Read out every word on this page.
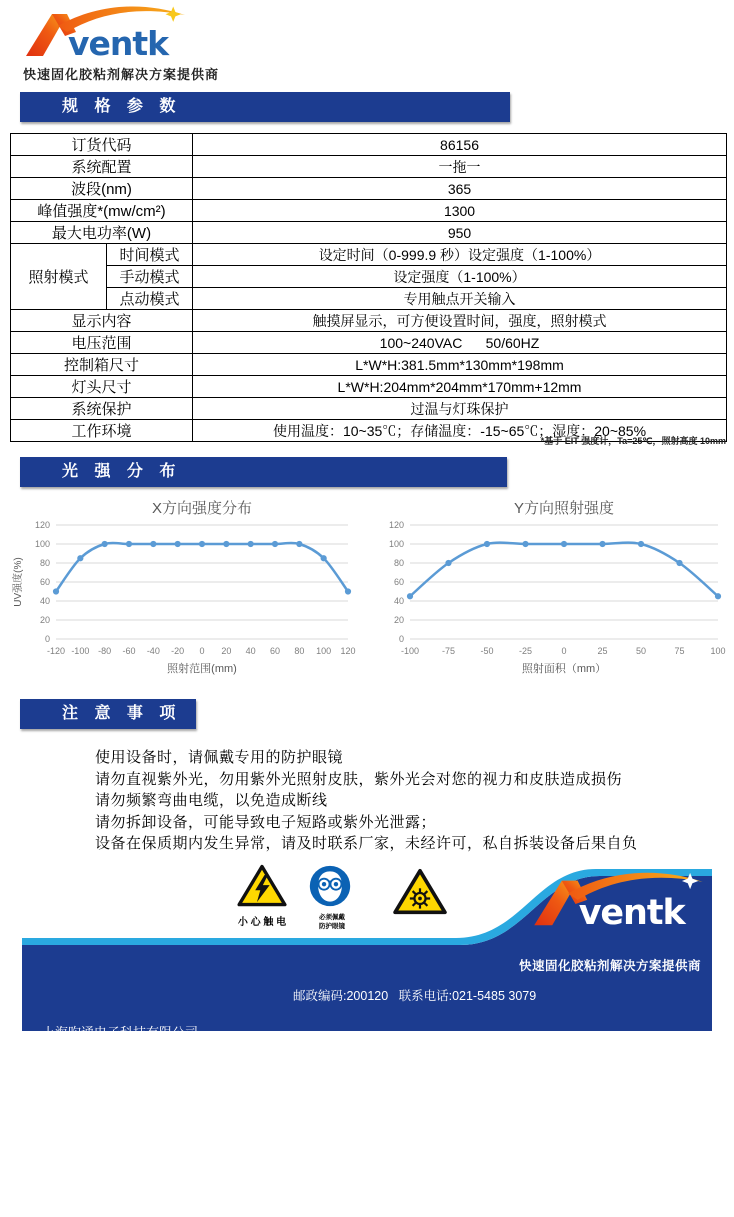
ventk
快速固化胶粘剂解决方案提供商
规 格 参 数
订货代码		86156
系统配置		一拖一
波段(nm)		365
峰值强度*(mw/cm²)		1300
最大电功率(W)		950
照射模式	时间模式	设定时间（0-999.9 秒）设定强度（1-100%）
	手动模式	设定强度（1-100%）
	点动模式	专用触点开关输入
显示内容		触摸屏显示，可方便设置时间，强度，照射模式
电压范围		100~240VAC      50/60HZ
控制箱尺寸		L*W*H:381.5mm*130mm*198mm
灯头尺寸		L*W*H:204mm*204mm*170mm+12mm
系统保护		过温与灯珠保护
工作环境		使用温度：10~35℃；存储温度：-15~65℃；湿度：20~85%
*基于 EIT 强度计，Ta=25℃，照射高度 10mm
光 强 分 布
X方向强度分布
0
20
40
60
80
100
120
-120 -100 -80 -60 -40 -20 0 20 40 60 80 100 120
照射范围(mm)
UV强度(%)
Y方向照射强度
0
20
40
60
80
100
120
-100	-75	-50	-25	0	25	50	75	100
照射面积（mm）
注 意 事 项
使用设备时，请佩戴专用的防护眼镜
请勿直视紫外光，勿用紫外光照射皮肤，紫外光会对您的视力和皮肤造成损伤
请勿频繁弯曲电缆，以免造成断线
请勿拆卸设备，可能导致电子短路或紫外光泄露；
设备在保质期内发生异常，请及时联系厂家，未经许可，私自拆装设备后果自负
小 心 触 电	必须佩戴
防护眼镜	ventk
快速固化胶粘剂解决方案提供商

上海昀通电子科技有限公司

上海市浦东新区同发路 123 弄 12-3 号

邮政编码:200120   联系电话:021-5485 3079

公司传真:021-6130 3069

公司邮箱:Sales1@aventk.com

公司网址:www.aventk.com
